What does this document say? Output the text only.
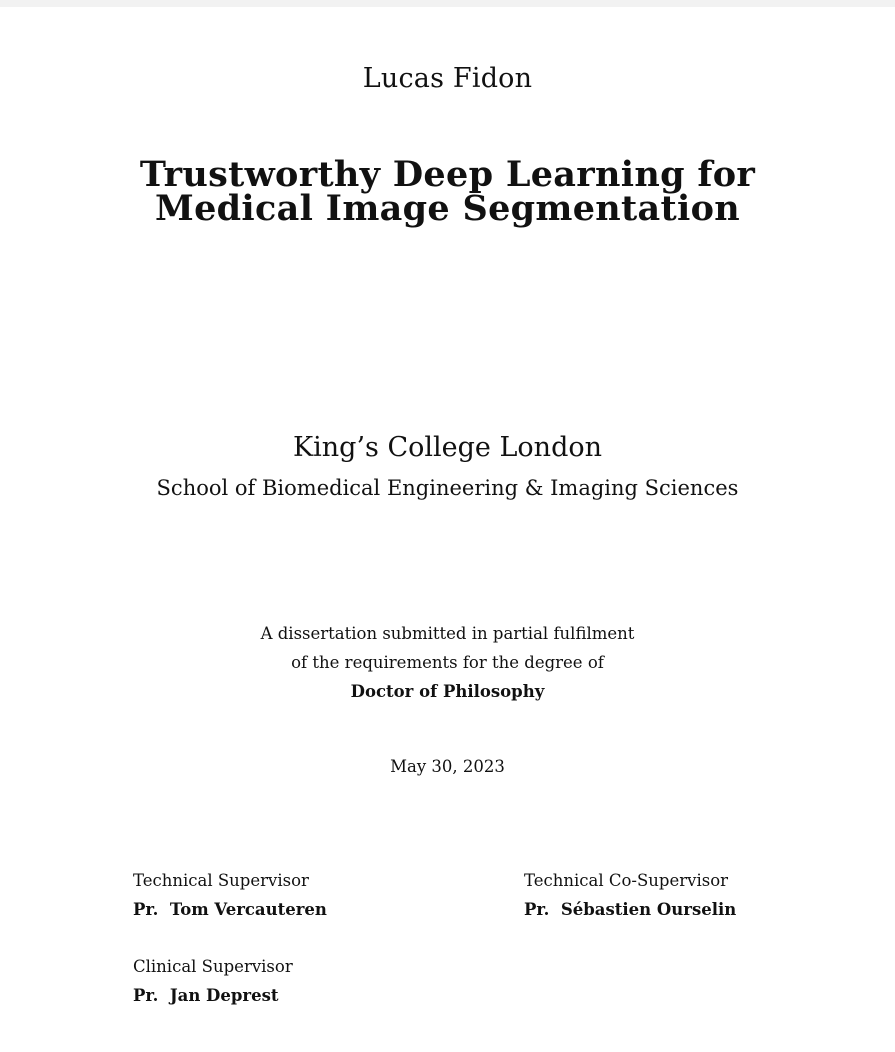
Lucas Fidon
Trustworthy Deep Learning for
Medical Image Segmentation
King’s College London
School of Biomedical Engineering & Imaging Sciences
A dissertation submitted in partial fulfilment
of the requirements for the degree of
Doctor of Philosophy
May 30, 2023
Technical Supervisor
Pr.  Tom Vercauteren
Technical Co-Supervisor
Pr.  Sébastien Ourselin
Clinical Supervisor
Pr.  Jan Deprest
